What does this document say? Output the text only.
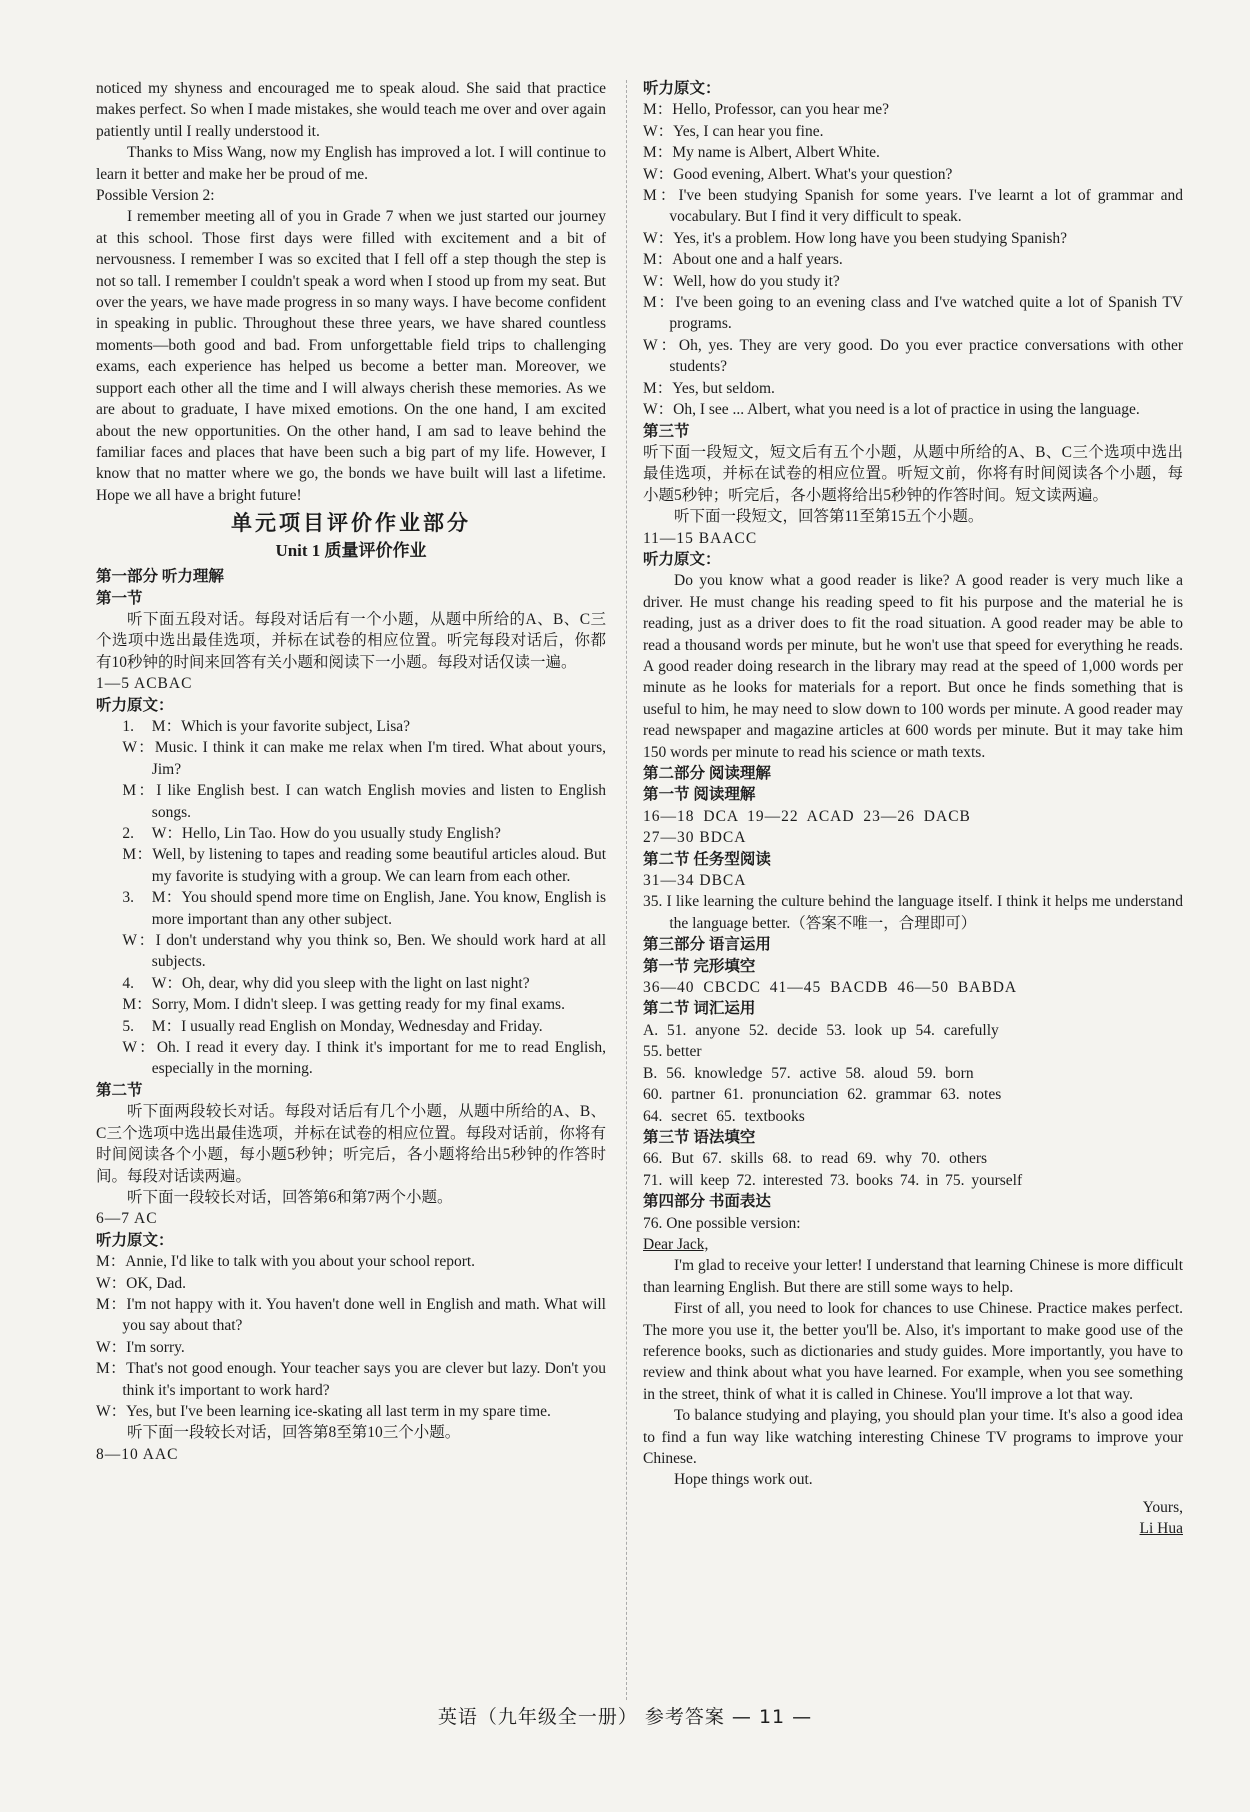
noticed my shyness and encouraged me to speak aloud. She said that practice makes perfect. So when I made mistakes, she would teach me over and over again patiently until I really understood it.

Thanks to Miss Wang, now my English has improved a lot. I will continue to learn it better and make her be proud of me.

Possible Version 2:

I remember meeting all of you in Grade 7 when we just started our journey at this school. Those first days were filled with excitement and a bit of nervousness. I remember I was so excited that I fell off a step though the step is not so tall. I remember I couldn't speak a word when I stood up from my seat. But over the years, we have made progress in so many ways. I have become confident in speaking in public. Throughout these three years, we have shared countless moments—both good and bad. From unforgettable field trips to challenging exams, each experience has helped us become a better man. Moreover, we support each other all the time and I will always cherish these memories. As we are about to graduate, I have mixed emotions. On the one hand, I am excited about the new opportunities. On the other hand, I am sad to leave behind the familiar faces and places that have been such a big part of my life. However, I know that no matter where we go, the bonds we have built will last a lifetime. Hope we all have a bright future!

单元项目评价作业部分
Unit 1 质量评价作业

第一部分 听力理解

第一节

听下面五段对话。每段对话后有一个小题，从题中所给的A、B、C三个选项中选出最佳选项，并标在试卷的相应位置。听完每段对话后，你都有10秒钟的时间来回答有关小题和阅读下一小题。每段对话仅读一遍。

1—5 ACBAC

听力原文：

1. M：Which is your favorite subject, Lisa?

W：Music. I think it can make me relax when I'm tired. What about yours, Jim?

M：I like English best. I can watch English movies and listen to English songs.

2. W：Hello, Lin Tao. How do you usually study English?

M：Well, by listening to tapes and reading some beautiful articles aloud. But my favorite is studying with a group. We can learn from each other.

3. M：You should spend more time on English, Jane. You know, English is more important than any other subject.

W：I don't understand why you think so, Ben. We should work hard at all subjects.

4. W：Oh, dear, why did you sleep with the light on last night?

M：Sorry, Mom. I didn't sleep. I was getting ready for my final exams.

5. M：I usually read English on Monday, Wednesday and Friday.

W：Oh. I read it every day. I think it's important for me to read English, especially in the morning.

第二节

听下面两段较长对话。每段对话后有几个小题，从题中所给的A、B、C三个选项中选出最佳选项，并标在试卷的相应位置。每段对话前，你将有时间阅读各个小题，每小题5秒钟；听完后，各小题将给出5秒钟的作答时间。每段对话读两遍。

听下面一段较长对话，回答第6和第7两个小题。

6—7 AC

听力原文：

M：Annie, I'd like to talk with you about your school report.

W：OK, Dad.

M：I'm not happy with it. You haven't done well in English and math. What will you say about that?

W：I'm sorry.

M：That's not good enough. Your teacher says you are clever but lazy. Don't you think it's important to work hard?

W：Yes, but I've been learning ice-skating all last term in my spare time.

听下面一段较长对话，回答第8至第10三个小题。

8—10 AAC

听力原文：

M：Hello, Professor, can you hear me?

W：Yes, I can hear you fine.

M：My name is Albert, Albert White.

W：Good evening, Albert. What's your question?

M：I've been studying Spanish for some years. I've learnt a lot of grammar and vocabulary. But I find it very difficult to speak.

W：Yes, it's a problem. How long have you been studying Spanish?

M：About one and a half years.

W：Well, how do you study it?

M：I've been going to an evening class and I've watched quite a lot of Spanish TV programs.

W：Oh, yes. They are very good. Do you ever practice conversations with other students?

M：Yes, but seldom.

W：Oh, I see ... Albert, what you need is a lot of practice in using the language.

第三节

听下面一段短文，短文后有五个小题，从题中所给的A、B、C三个选项中选出最佳选项，并标在试卷的相应位置。听短文前，你将有时间阅读各个小题，每小题5秒钟；听完后，各小题将给出5秒钟的作答时间。短文读两遍。

听下面一段短文，回答第11至第15五个小题。

11—15 BAACC

听力原文：

Do you know what a good reader is like? A good reader is very much like a driver. He must change his reading speed to fit his purpose and the material he is reading, just as a driver does to fit the road situation. A good reader may be able to read a thousand words per minute, but he won't use that speed for everything he reads. A good reader doing research in the library may read at the speed of 1,000 words per minute as he looks for materials for a report. But once he finds something that is useful to him, he may need to slow down to 100 words per minute. A good reader may read newspaper and magazine articles at 600 words per minute. But it may take him 150 words per minute to read his science or math texts.

第二部分 阅读理解

第一节 阅读理解

16—18 DCA 19—22 ACAD 23—26 DACB

27—30 BDCA

第二节 任务型阅读

31—34 DBCA

35. I like learning the culture behind the language itself. I think it helps me understand the language better.（答案不唯一，合理即可）

第三部分 语言运用

第一节 完形填空

36—40 CBCDC 41—45 BACDB 46—50 BABDA

第二节 词汇运用

A. 51. anyone 52. decide 53. look up 54. carefully

55. better

B. 56. knowledge 57. active 58. aloud 59. born

60. partner 61. pronunciation 62. grammar 63. notes

64. secret 65. textbooks

第三节 语法填空

66. But 67. skills 68. to read 69. why 70. others

71. will keep 72. interested 73. books 74. in 75. yourself

第四部分 书面表达

76. One possible version:

Dear Jack,

I'm glad to receive your letter! I understand that learning Chinese is more difficult than learning English. But there are still some ways to help.

First of all, you need to look for chances to use Chinese. Practice makes perfect. The more you use it, the better you'll be. Also, it's important to make good use of the reference books, such as dictionaries and study guides. More importantly, you have to review and think about what you have learned. For example, when you see something in the street, think of what it is called in Chinese. You'll improve a lot that way.

To balance studying and playing, you should plan your time. It's also a good idea to find a fun way like watching interesting Chinese TV programs to improve your Chinese.

Hope things work out.

Yours,

Li Hua

英语（九年级全一册） 参考答案 — 11 —
